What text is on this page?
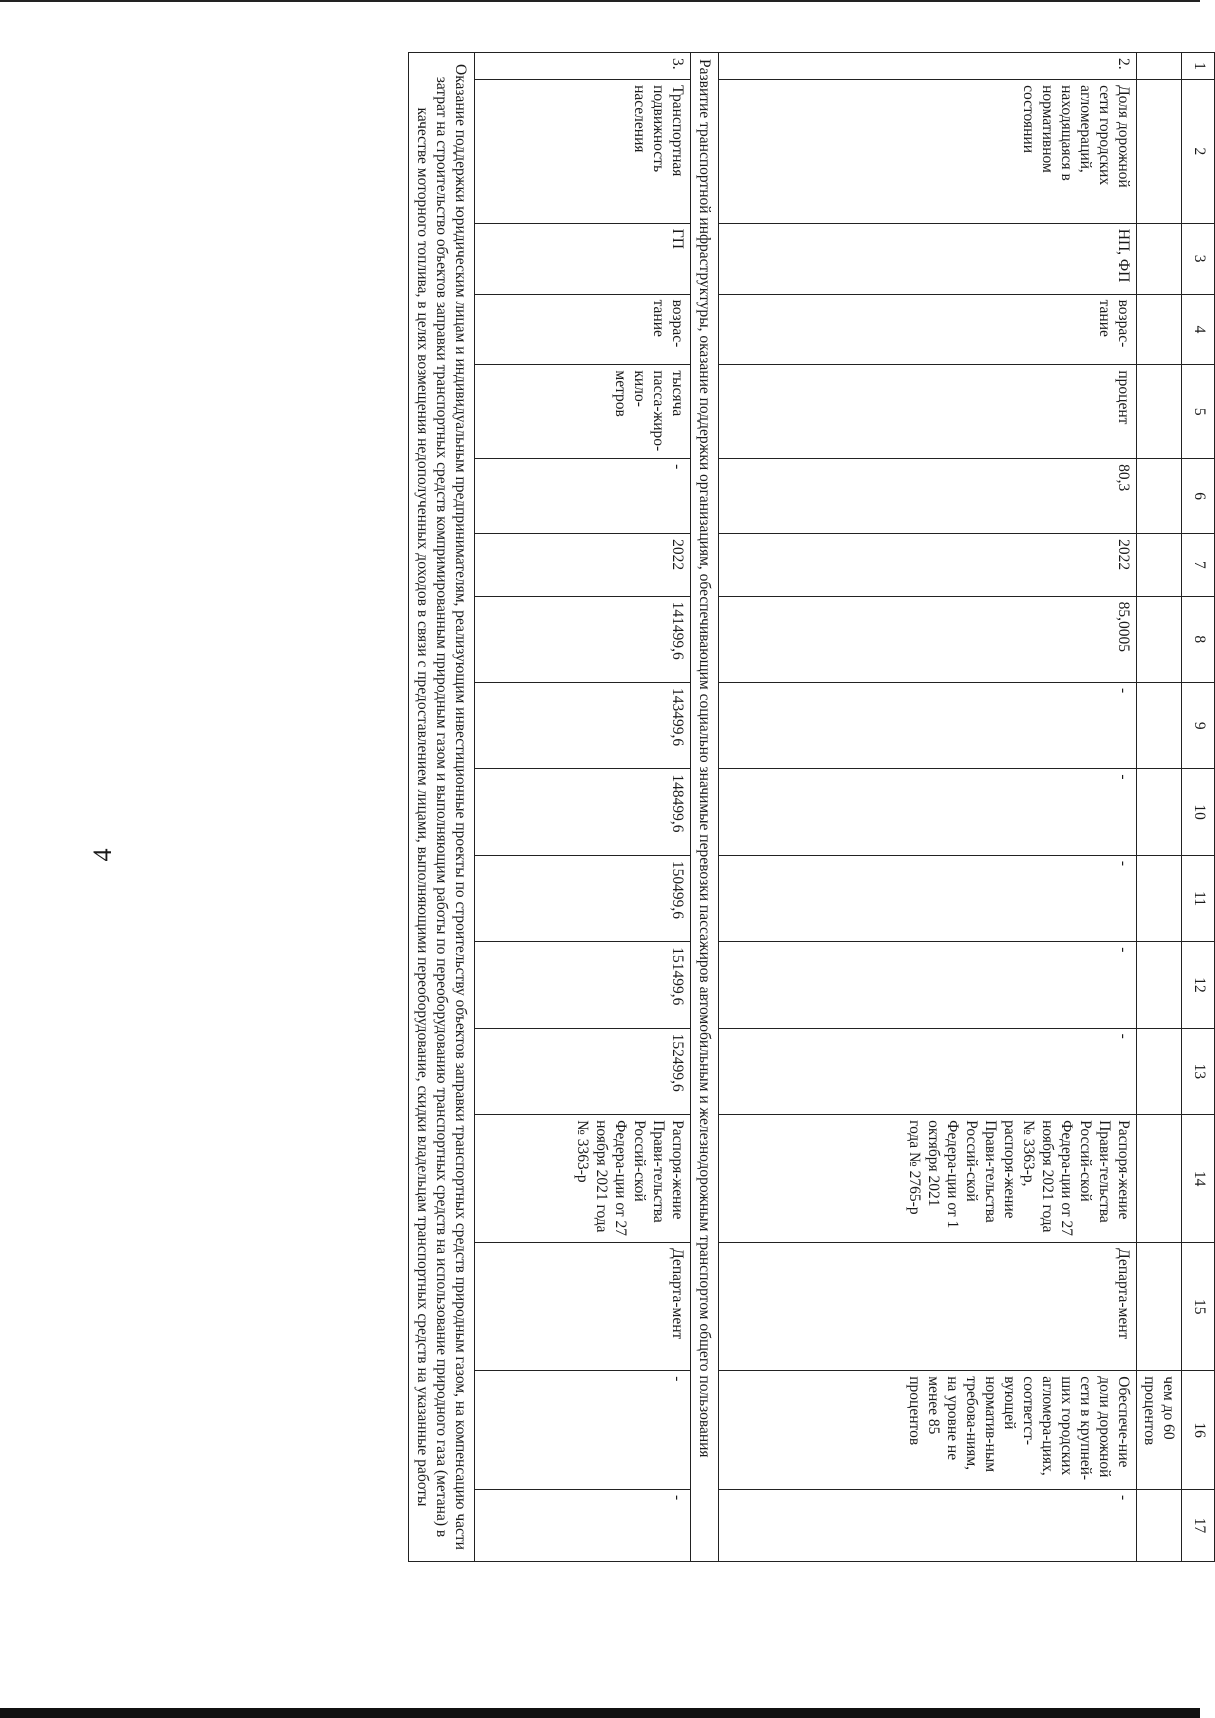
4
1	2	3	4	5	6	7	8	9	10	11	12	13	14	15	16	17
															чем до 60 процентов	
2.	Доля дорожной сети городских агломераций, находящаяся в нормативном состоянии	НП, ФП	возрас-тание	процент	80,3	2022	85,0005	-	-	-	-	-	Распоря-жение Прави-тельства Россий-ской Федера-ции от 27 ноября 2021 года № 3363-р, распоря-жение Прави-тельства Россий-ской Федера-ции от 1 октября 2021 года № 2765-р	Департа-мент	Обеспече-ние доли дорожной сети в крупней-ших городских агломера-циях, соответст-вующей норматив-ным требова-ниям, на уровне не менее 85 процентов	-
Развитие транспортной инфраструктуры, оказание поддержки организациям, обеспечивающим социально значимые перевозки пассажиров автомобильным и железнодорожным транспортом общего пользования																
3.	Транспортная подвижность населения	ГП	возрас-тание	тысяча пасса-жиро-кило-метров	-	2022	141499,6	143499,6	148499,6	150499,6	151499,6	152499,6	Распоря-жение Прави-тельства Россий-ской Федера-ции от 27 ноября 2021 года № 3363-р	Департа-мент	-	-
Оказание поддержки юридическим лицам и индивидуальным предпринимателям, реализующим инвестиционные проекты по строительству объектов заправки транспортных средств природным газом, на компенсацию части затрат на строительство объектов заправки транспортных средств компримированным природным газом и выполняющим работы по переоборудованию транспортных средств на использование природного газа (метана) в качестве моторного топлива, в целях возмещения недополученных доходов в связи с предоставлением лицами, выполняющими переоборудование, скидки владельцам транспортных средств на указанные работы																
